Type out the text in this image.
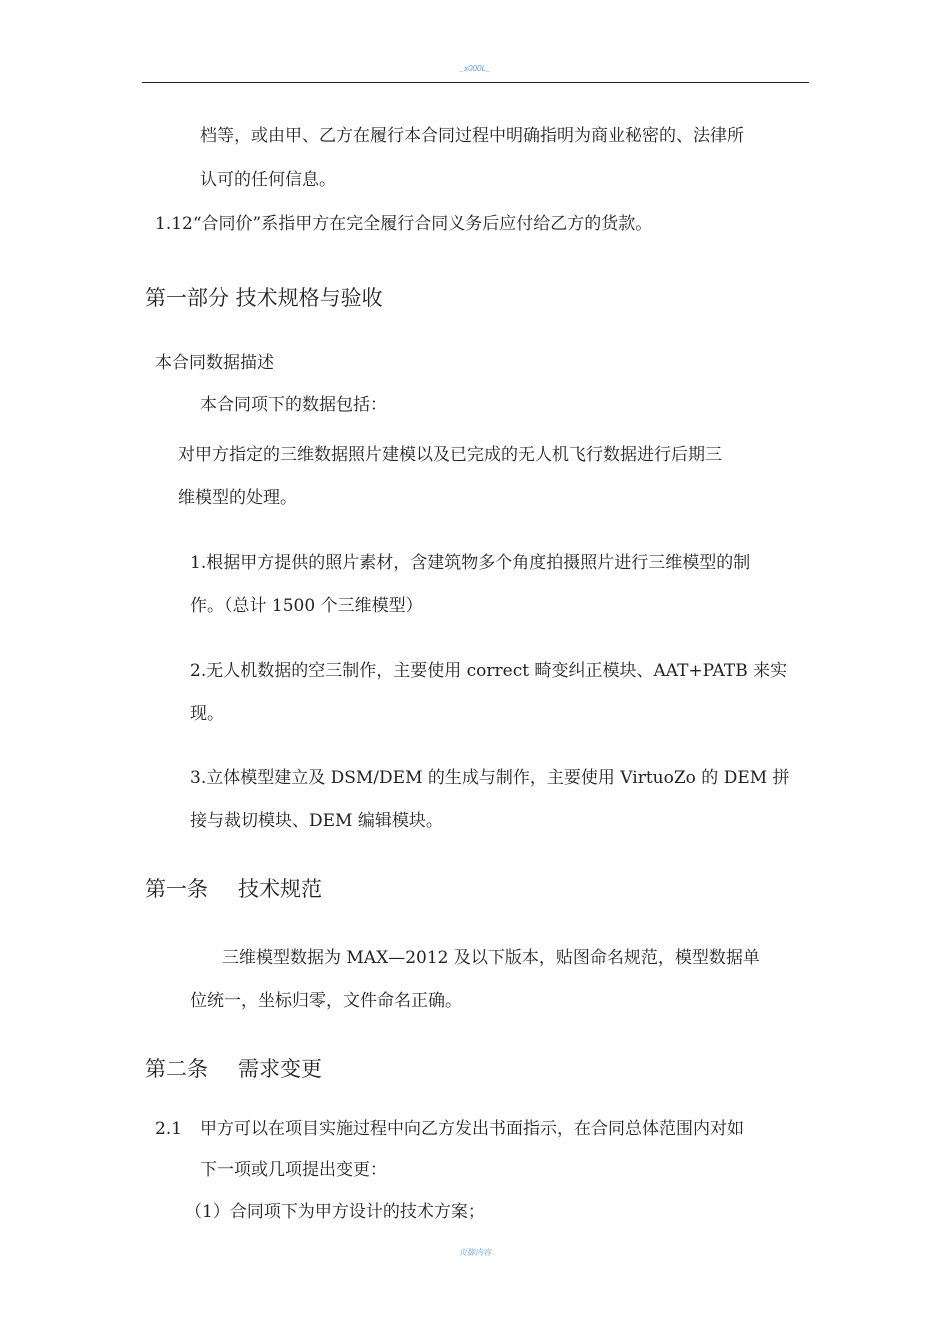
_x000L_
档等，或由甲、乙方在履行本合同过程中明确指明为商业秘密的、法律所
认可的任何信息。
1.12“合同价”系指甲方在完全履行合同义务后应付给乙方的货款。
第一部分 技术规格与验收
本合同数据描述
本合同项下的数据包括：
对甲方指定的三维数据照片建模以及已完成的无人机飞行数据进行后期三
维模型的处理。
1.根据甲方提供的照片素材，含建筑物多个角度拍摄照片进行三维模型的制
作。（总计 1500 个三维模型）
2.无人机数据的空三制作，主要使用 correct 畸变纠正模块、AAT+PATB 来实
现。
3.立体模型建立及 DSM/DEM 的生成与制作，主要使用 VirtuoZo 的 DEM 拼
接与裁切模块、DEM 编辑模块。
第一条 技术规范
三维模型数据为 MAX—2012 及以下版本，贴图命名规范，模型数据单
位统一，坐标归零，文件命名正确。
第二条 需求变更
2.1 甲方可以在项目实施过程中向乙方发出书面指示，在合同总体范围内对如
下一项或几项提出变更：
（1）合同项下为甲方设计的技术方案；
页脚内容
